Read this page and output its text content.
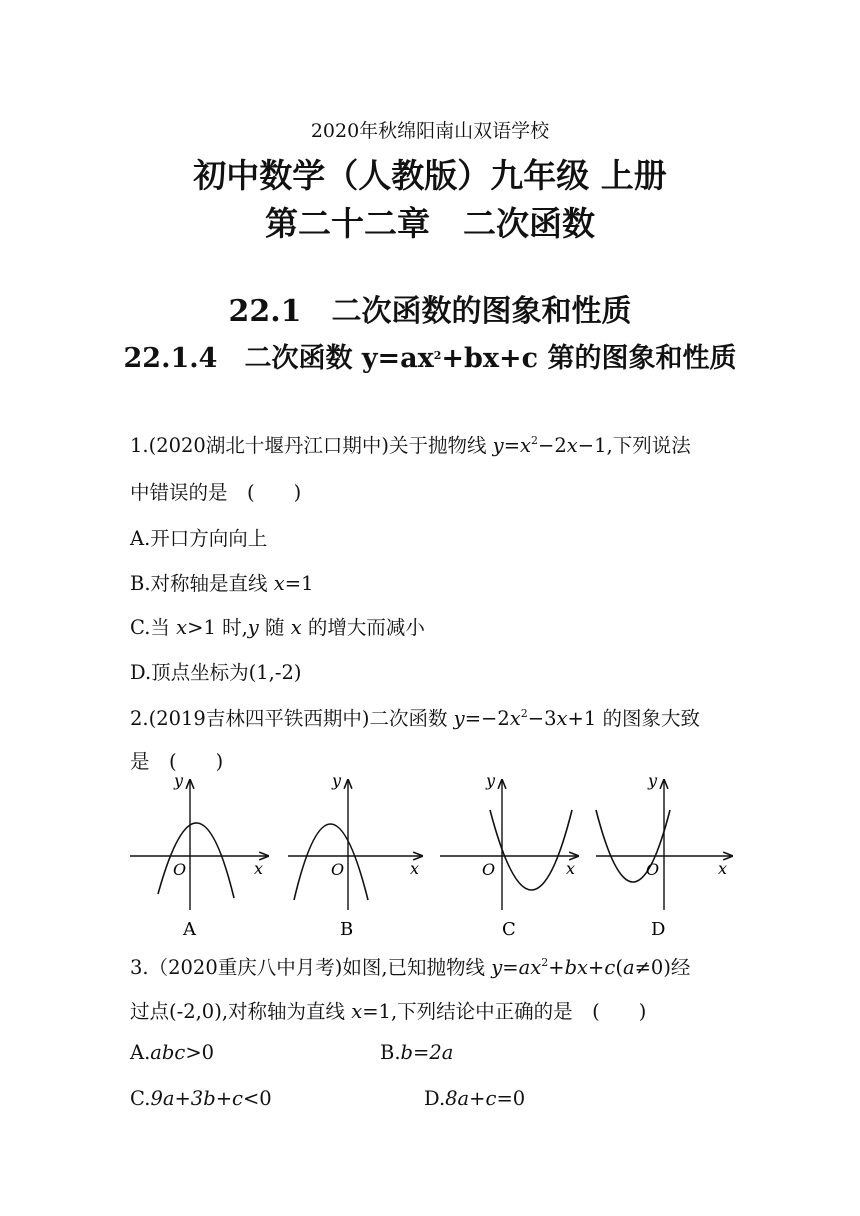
2020年秋绵阳南山双语学校
初中数学（人教版）九年级 上册
第二十二章　二次函数
22.1　二次函数的图象和性质
22.1.4　二次函数 $y=ax^2+bx+c$ 第的图象和性质
1.(2020湖北十堰丹江口期中)关于抛物线 $y=x^2-2x-1$,下列说法
中错误的是　(　　)
A.开口方向向上
B.对称轴是直线 x=1
C.当 x>1 时,y 随 x 的增大而减小
D.顶点坐标为(1,-2)
2.(2019吉林四平铁西期中)二次函数 $y=-2x^2-3x+1$ 的图象大致
是　(　　)
y
x
O
A
y
x
O
B
y
x
O
C
y
x
O
D
3.（2020重庆八中月考)如图,已知抛物线 $y=ax^2+bx+c(a\ne 0)$经
过点(-2,0),对称轴为直线 x=1,下列结论中正确的是　(　　)
A.abc>0	B.b=2a
C.9a+3b+c<0	D.8a+c=0
